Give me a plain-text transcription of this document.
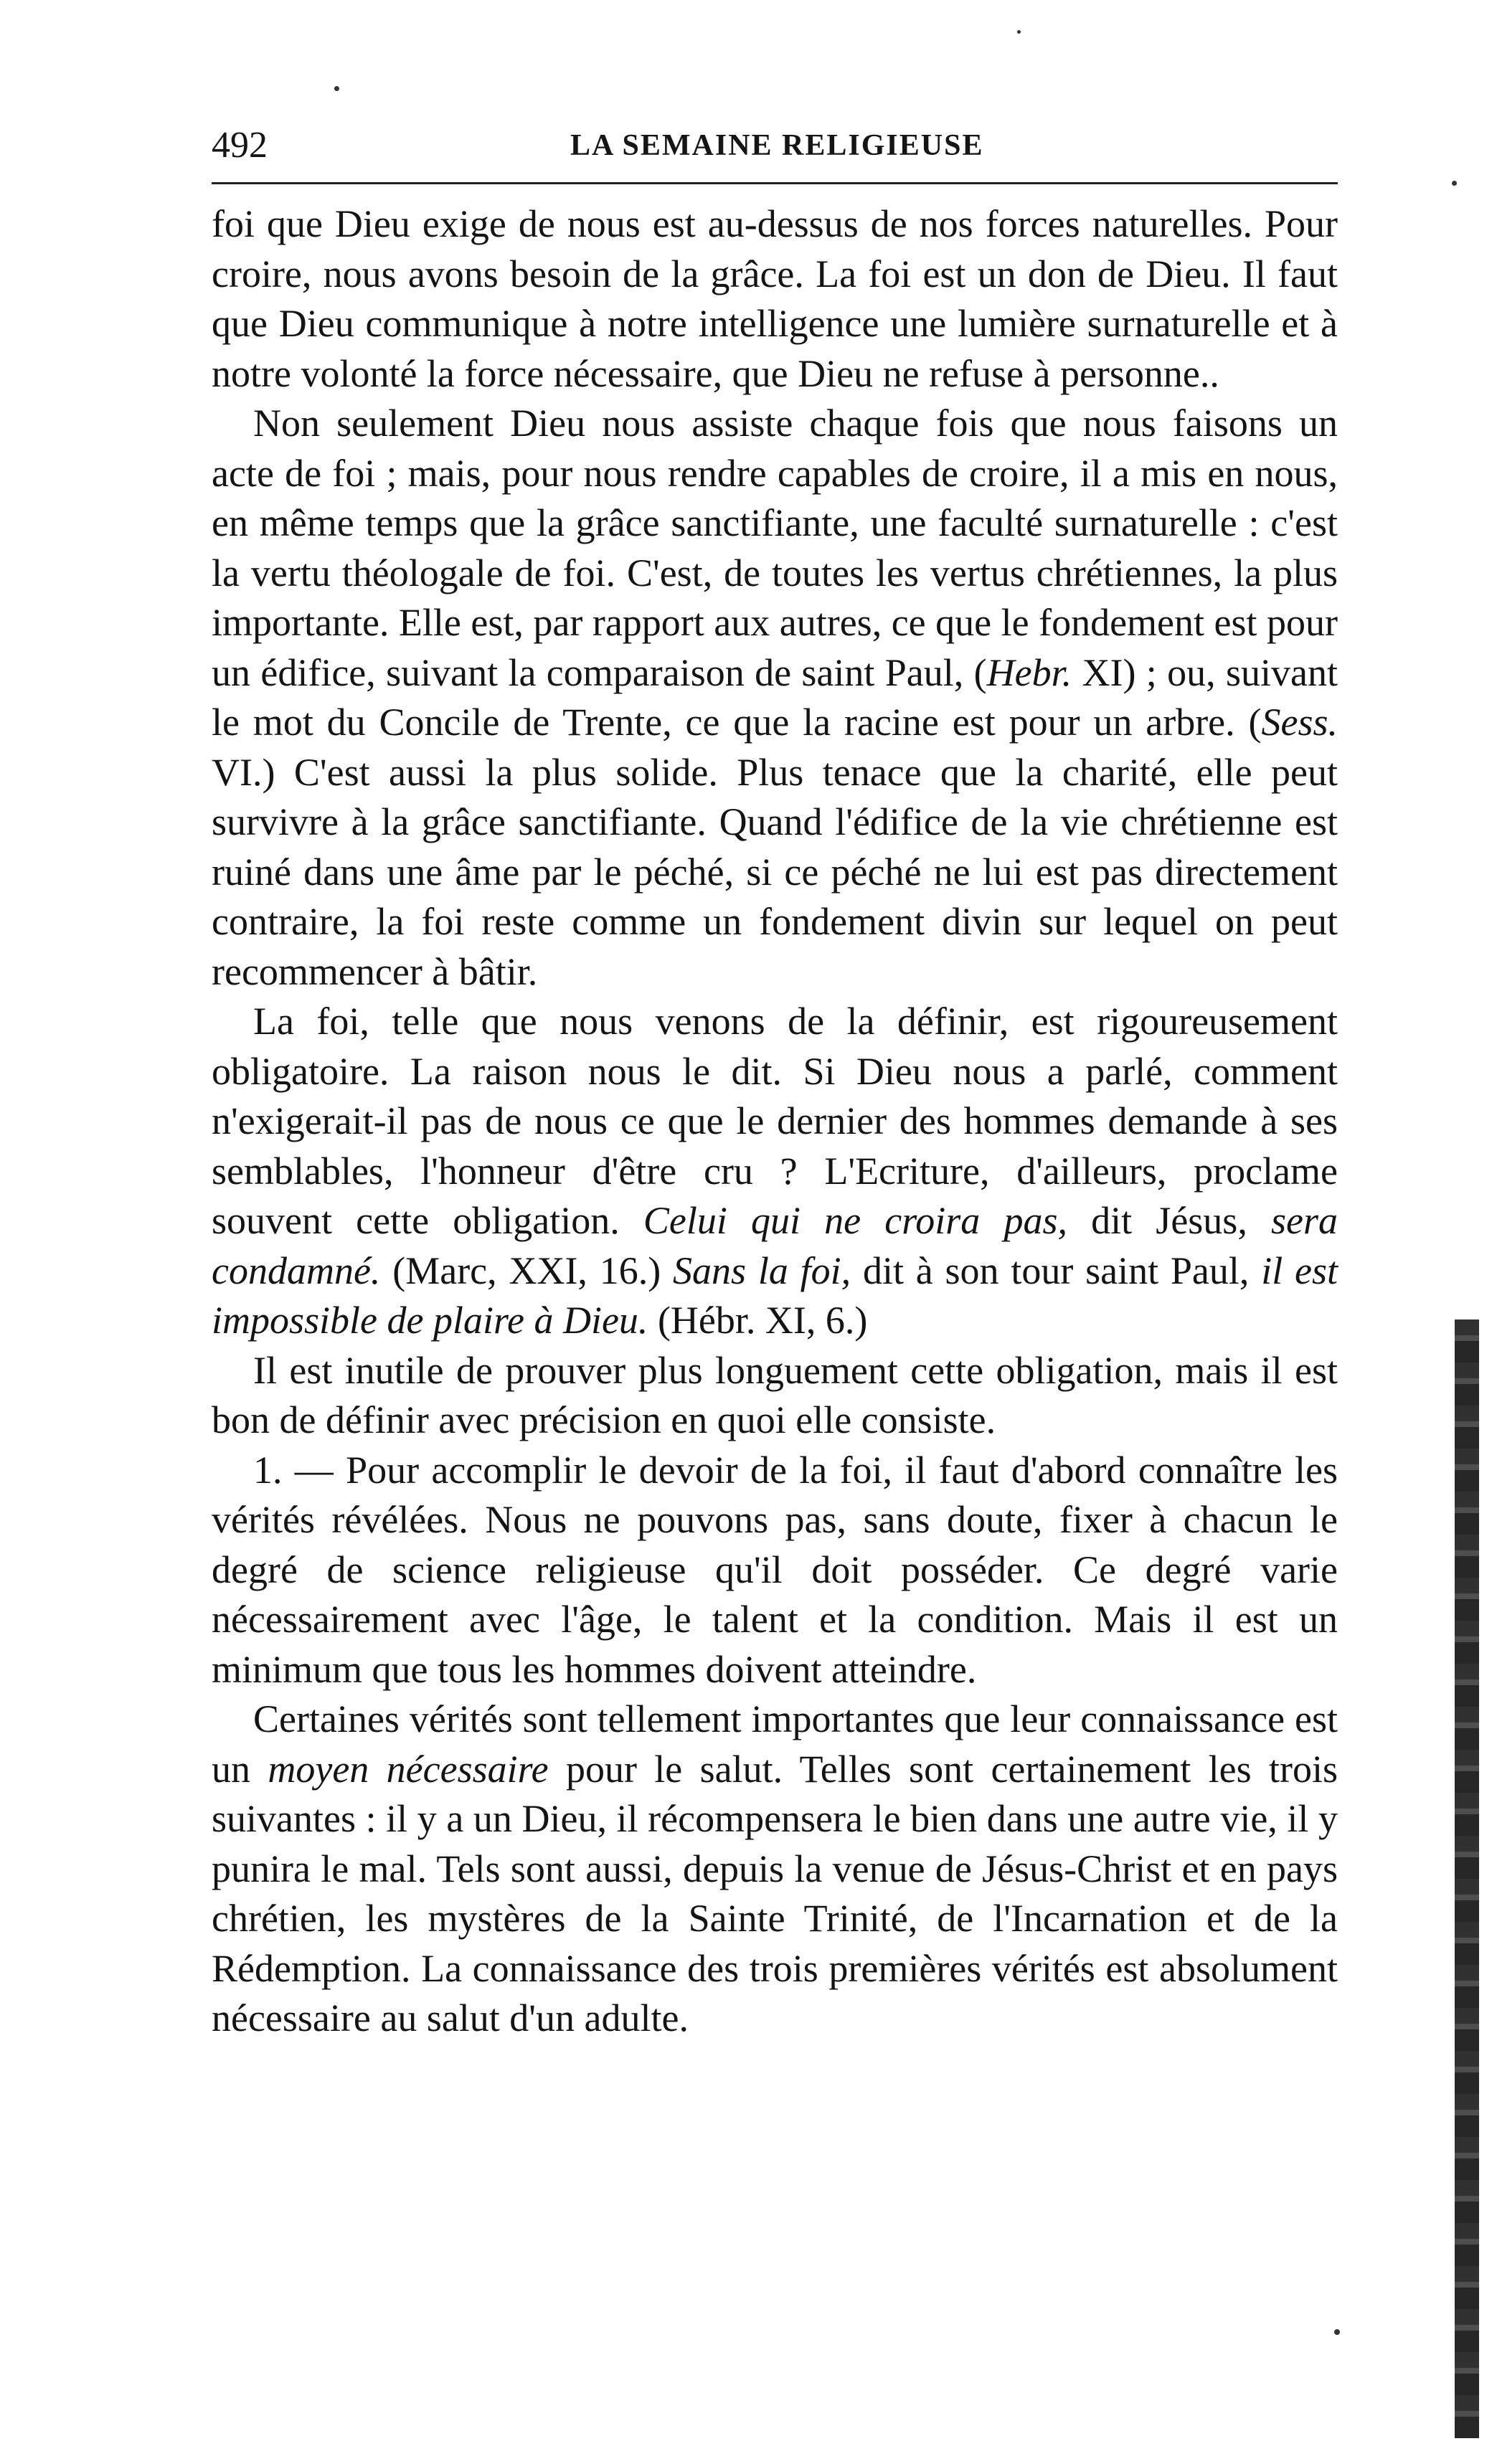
492	LA SEMAINE RELIGIEUSE

foi que Dieu exige de nous est au-dessus de nos forces naturelles. Pour croire, nous avons besoin de la grâce. La foi est un don de Dieu. Il faut que Dieu communique à notre intelligence une lumière surnaturelle et à notre volonté la force nécessaire, que Dieu ne refuse à personne..

Non seulement Dieu nous assiste chaque fois que nous faisons un acte de foi ; mais, pour nous rendre capables de croire, il a mis en nous, en même temps que la grâce sanctifiante, une faculté surnaturelle : c'est la vertu théologale de foi. C'est, de toutes les vertus chrétiennes, la plus importante. Elle est, par rapport aux autres, ce que le fondement est pour un édifice, suivant la comparaison de saint Paul, (Hebr. XI) ; ou, suivant le mot du Concile de Trente, ce que la racine est pour un arbre. (Sess. VI.) C'est aussi la plus solide. Plus tenace que la charité, elle peut survivre à la grâce sanctifiante. Quand l'édifice de la vie chrétienne est ruiné dans une âme par le péché, si ce péché ne lui est pas directement contraire, la foi reste comme un fondement divin sur lequel on peut recommencer à bâtir.

La foi, telle que nous venons de la définir, est rigoureusement obligatoire. La raison nous le dit. Si Dieu nous a parlé, comment n'exigerait-il pas de nous ce que le dernier des hommes demande à ses semblables, l'honneur d'être cru ? L'Ecriture, d'ailleurs, proclame souvent cette obligation. Celui qui ne croira pas, dit Jésus, sera condamné. (Marc, XXI, 16.) Sans la foi, dit à son tour saint Paul, il est impossible de plaire à Dieu. (Hébr. XI, 6.)

Il est inutile de prouver plus longuement cette obligation, mais il est bon de définir avec précision en quoi elle consiste.

1. — Pour accomplir le devoir de la foi, il faut d'abord connaître les vérités révélées. Nous ne pouvons pas, sans doute, fixer à chacun le degré de science religieuse qu'il doit posséder. Ce degré varie nécessairement avec l'âge, le talent et la condition. Mais il est un minimum que tous les hommes doivent atteindre.

Certaines vérités sont tellement importantes que leur connaissance est un moyen nécessaire pour le salut. Telles sont certainement les trois suivantes : il y a un Dieu, il récompensera le bien dans une autre vie, il y punira le mal. Tels sont aussi, depuis la venue de Jésus-Christ et en pays chrétien, les mystères de la Sainte Trinité, de l'Incarnation et de la Rédemption. La connaissance des trois premières vérités est absolument nécessaire au salut d'un adulte.
